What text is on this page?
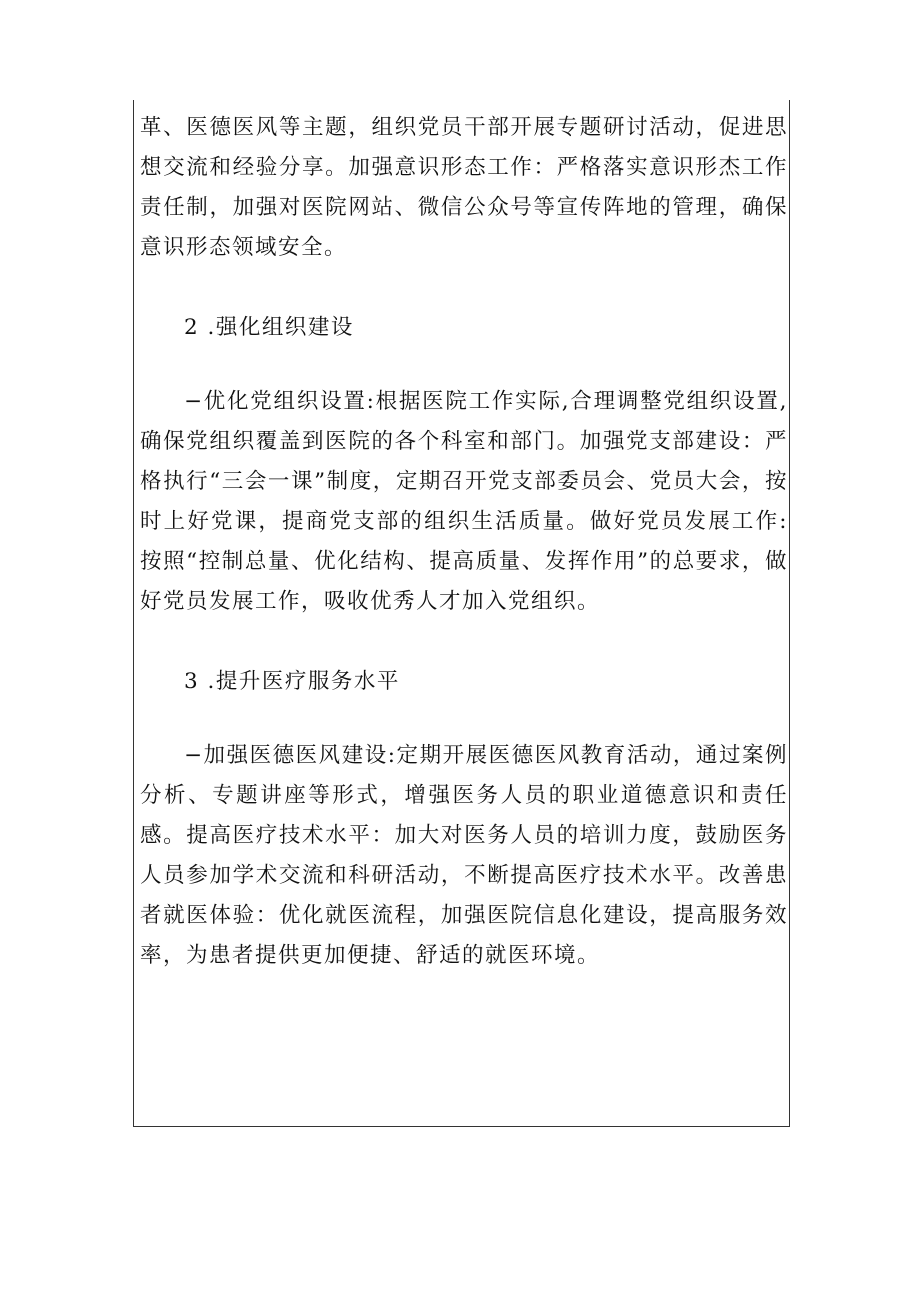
革、医德医风等主题，组织党员干部开展专题研讨活动，促进思想交流和经验分享。加强意识形态工作：严格落实意识形杰工作责任制，加强对医院网站、微信公众号等宣传阵地的管理，确保意识形态领域安全。

2 .强化组织建设

−优化党组织设置:根据医院工作实际,合理调整党组织设置,确保党组织覆盖到医院的各个科室和部门。加强党支部建设：严格执行“三会一课”制度，定期召开党支部委员会、党员大会，按时上好党课，提商党支部的组织生活质量。做好党员发展工作:按照“控制总量、优化结构、提高质量、发挥作用”的总要求，做好党员发展工作，吸收优秀人才加入党组织。

3 .提升医疗服务水平

−加强医德医风建设:定期开展医德医风教育活动，通过案例分析、专题讲座等形式，增强医务人员的职业道德意识和责任感。提高医疗技术水平：加大对医务人员的培训力度，鼓励医务人员参加学术交流和科研活动，不断提高医疗技术水平。改善患者就医体验：优化就医流程，加强医院信息化建设，提高服务效率，为患者提供更加便捷、舒适的就医环境。
